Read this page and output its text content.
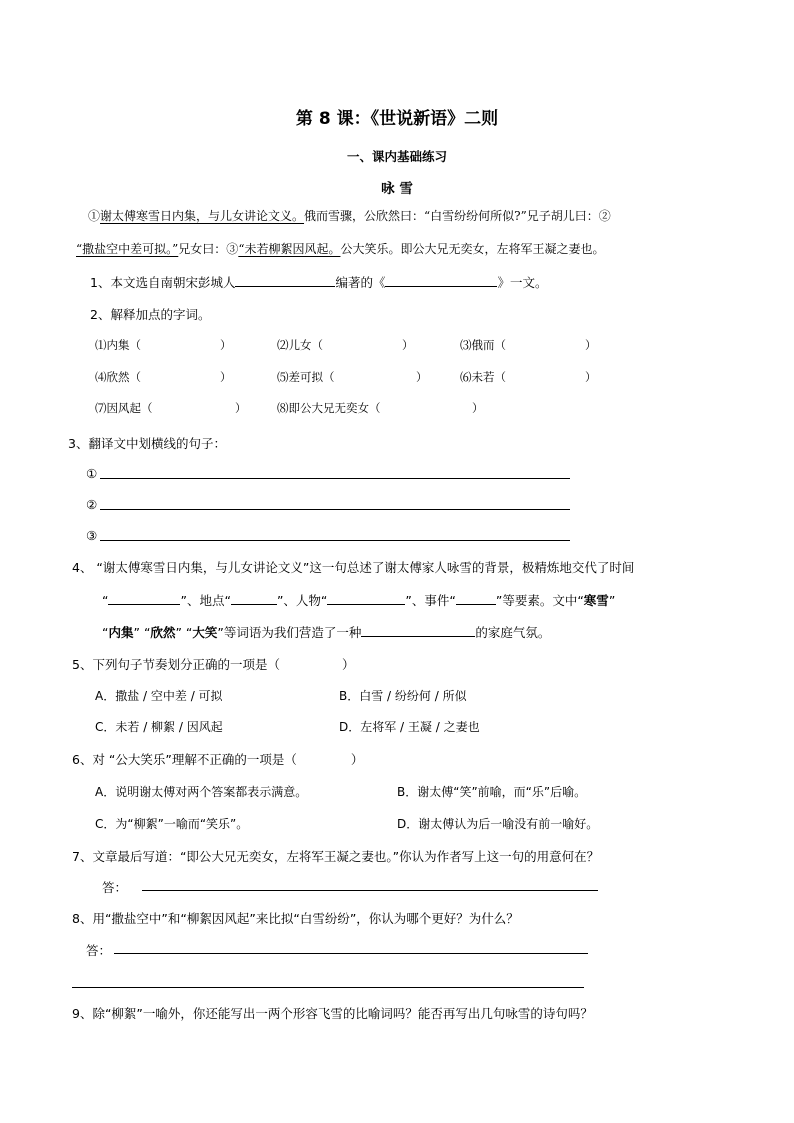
第 8 课：《世说新语》二则
一、课内基础练习
咏 雪
①谢太傅寒雪日内集，与儿女讲论文义。俄而雪骤，公欣然曰：“白雪纷纷何所似?”兄子胡儿曰：②
“撒盐空中差可拟。”兄女曰：③“未若柳絮因风起。公大笑乐。即公大兄无奕女，左将军王凝之妻也。
1、本文选自南朝宋彭城人	编著的《	》一文。
2、解释加点的字词。
⑴内集（	）	⑵儿女（	）	⑶俄而（	）
⑷欣然（	）	⑸差可拟（	）	⑹未若（	）
⑺因风起（	）	⑻即公大兄无奕女（	）
3、翻译文中划横线的句子：
①
②
③
4、 “谢太傅寒雪日内集，与儿女讲论文义”这一句总述了谢太傅家人咏雪的背景，极精炼地交代了时间
“	”、地点“	”、人物“	”、事件“	”等要素。文中“寒雪”
“内集” “欣然” “大笑”等词语为我们营造了一种	的家庭气氛。
5、下列句子节奏划分正确的一项是（	）
A．撒盐 / 空中差 / 可拟	B．白雪 / 纷纷何 / 所似
C．未若 / 柳絮 / 因风起	D．左将军 / 王凝 / 之妻也
6、对 “公大笑乐”理解不正确的一项是（	）
A．说明谢太傅对两个答案都表示满意。	B．谢太傅“笑”前喻，而“乐”后喻。
C．为“柳絮”一喻而“笑乐”。	D．谢太傅认为后一喻没有前一喻好。
7、文章最后写道：“即公大兄无奕女，左将军王凝之妻也。”你认为作者写上这一句的用意何在？
答：
8、用“撒盐空中”和“柳絮因风起”来比拟“白雪纷纷”，你认为哪个更好？为什么？
答：
9、除“柳絮”一喻外，你还能写出一两个形容飞雪的比喻词吗？能否再写出几句咏雪的诗句吗？
